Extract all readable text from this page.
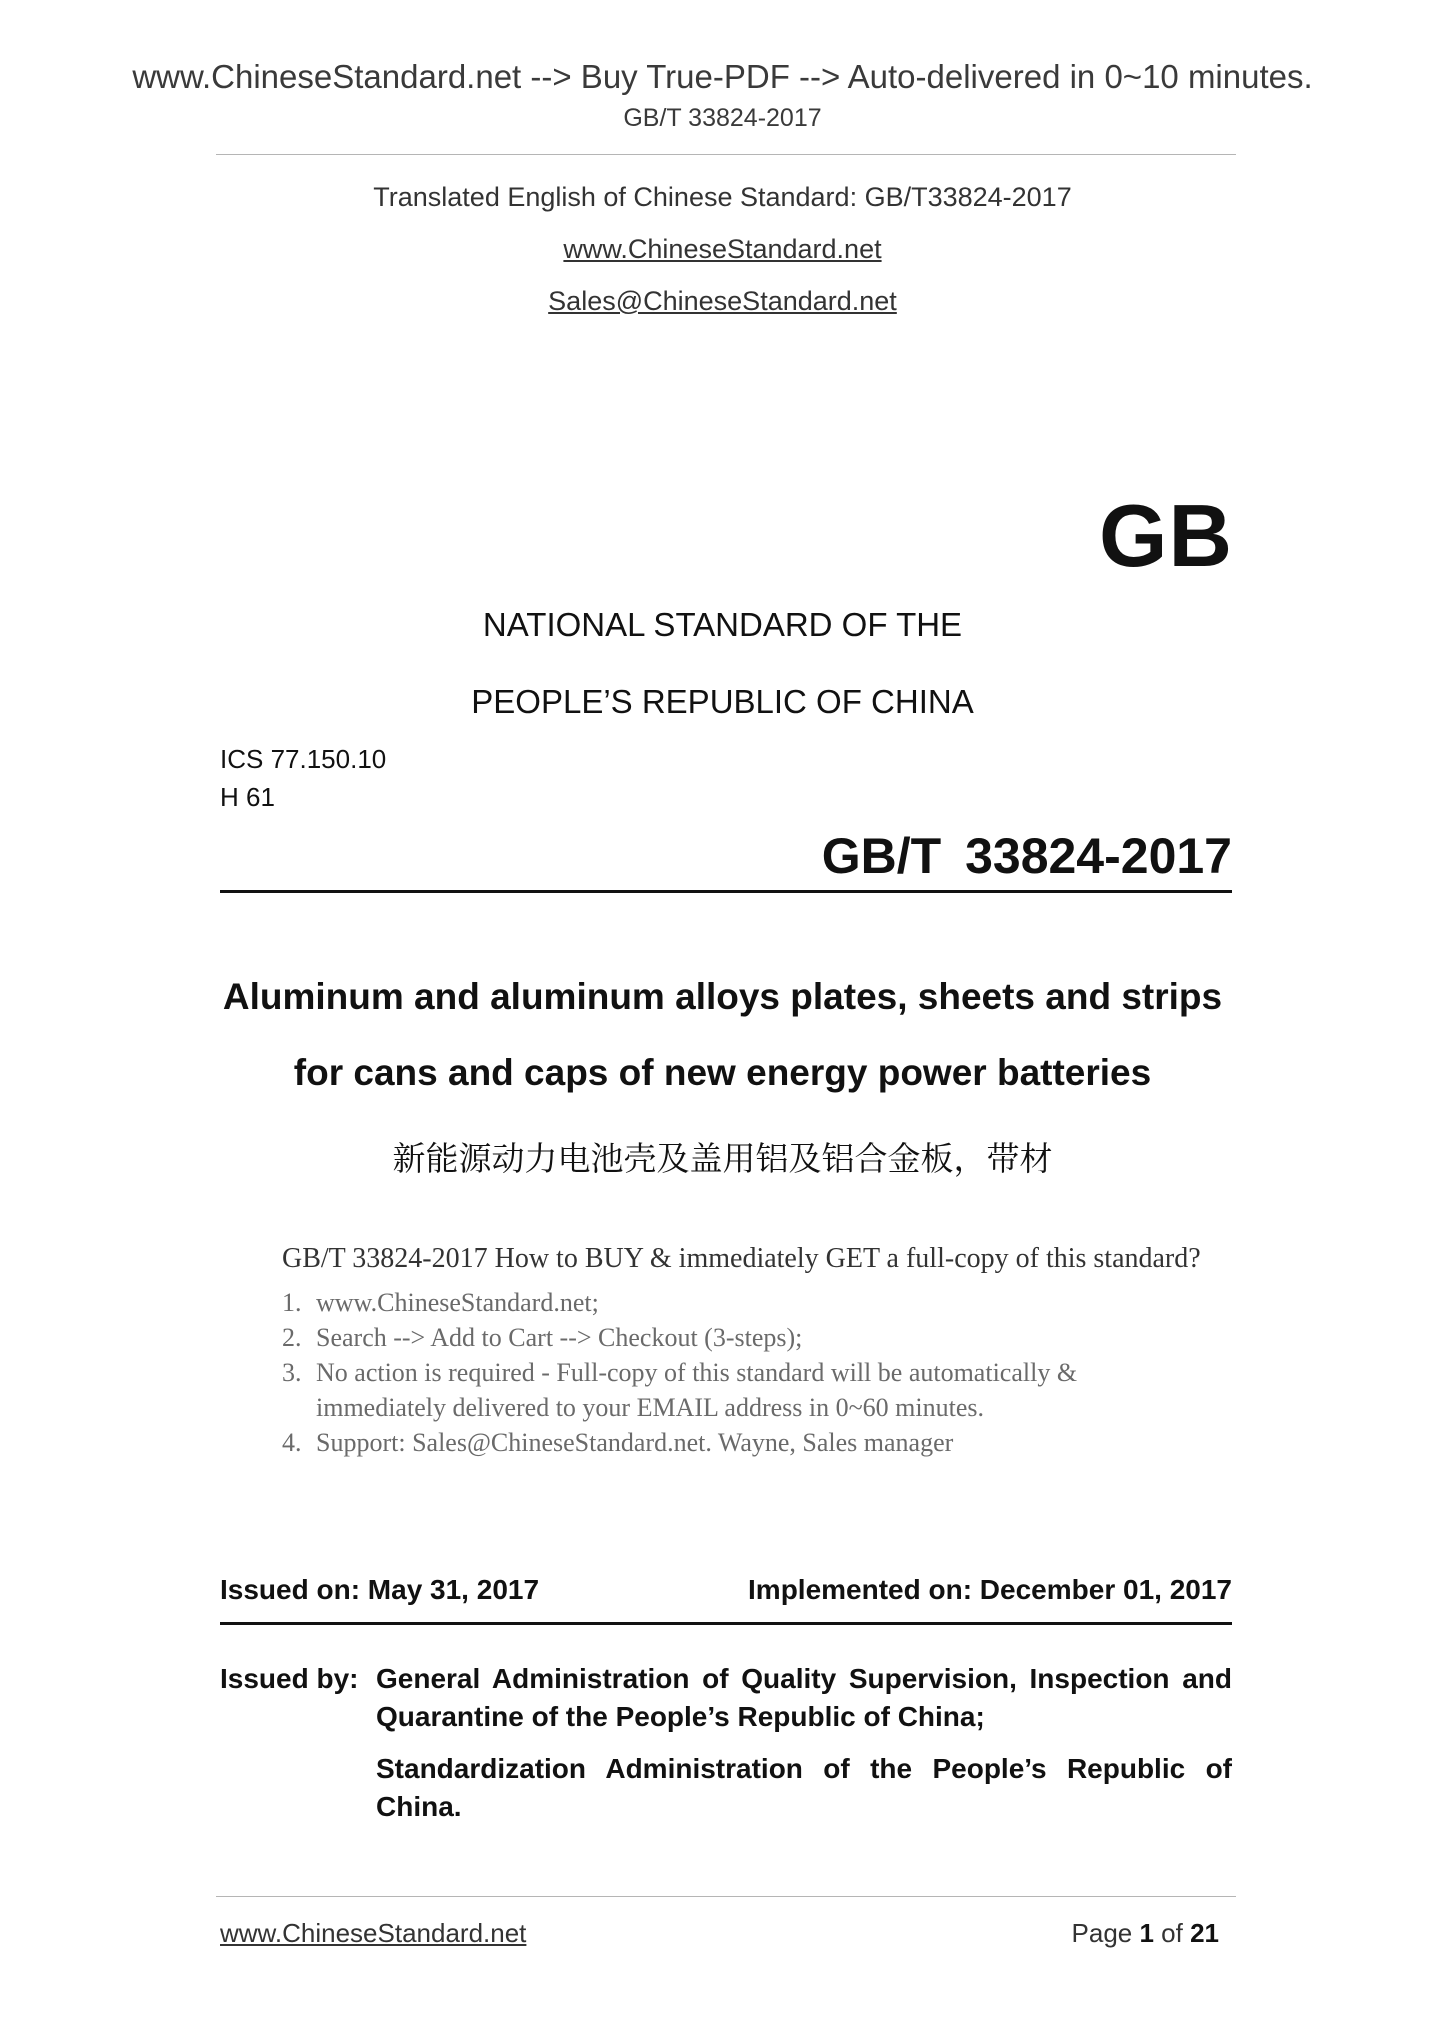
www.ChineseStandard.net --> Buy True-PDF --> Auto-delivered in 0~10 minutes.
GB/T 33824-2017
Translated English of Chinese Standard: GB/T33824-2017
www.ChineseStandard.net
Sales@ChineseStandard.net
GB
NATIONAL STANDARD OF THE
PEOPLE’S REPUBLIC OF CHINA
ICS 77.150.10
H 61
GB/T 33824-2017
Aluminum and aluminum alloys plates, sheets and strips
for cans and caps of new energy power batteries
新能源动力电池壳及盖用铝及铝合金板，带材
GB/T 33824-2017 How to BUY & immediately GET a full-copy of this standard?
1. www.ChineseStandard.net;
2. Search --> Add to Cart --> Checkout (3-steps);
3. No action is required - Full-copy of this standard will be automatically &
immediately delivered to your EMAIL address in 0~60 minutes.
4. Support: Sales@ChineseStandard.net. Wayne, Sales manager
Issued on: May 31, 2017	Implemented on: December 01, 2017
Issued by: General Administration of Quality Supervision, Inspection and Quarantine of the People’s Republic of China;
Standardization Administration of the People’s Republic of China.
www.ChineseStandard.net	Page 1 of 21
